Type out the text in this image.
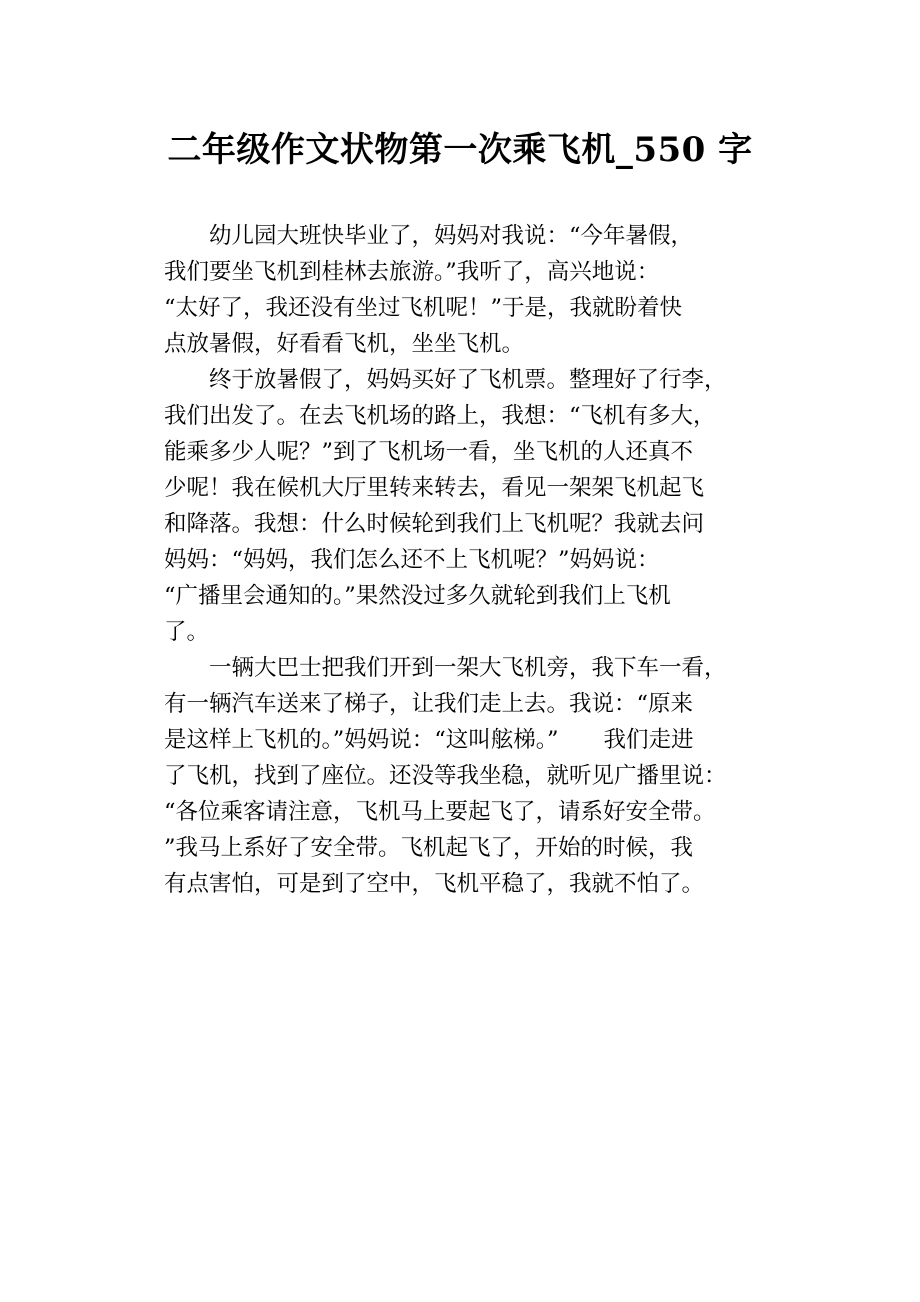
二年级作文状物第一次乘飞机_550 字
　　幼儿园大班快毕业了，妈妈对我说：“今年暑假，
我们要坐飞机到桂林去旅游。”我听了，高兴地说：
“太好了，我还没有坐过飞机呢！”于是，我就盼着快
点放暑假，好看看飞机，坐坐飞机。
　　终于放暑假了，妈妈买好了飞机票。整理好了行李，
我们出发了。在去飞机场的路上，我想：“飞机有多大，
能乘多少人呢？”到了飞机场一看，坐飞机的人还真不
少呢！我在候机大厅里转来转去，看见一架架飞机起飞
和降落。我想：什么时候轮到我们上飞机呢？我就去问
妈妈：“妈妈，我们怎么还不上飞机呢？”妈妈说：
“广播里会通知的。”果然没过多久就轮到我们上飞机
了。
　　一辆大巴士把我们开到一架大飞机旁，我下车一看，
有一辆汽车送来了梯子，让我们走上去。我说：“原来
是这样上飞机的。”妈妈说：“这叫舷梯。”　　我们走进
了飞机，找到了座位。还没等我坐稳，就听见广播里说：
“各位乘客请注意，飞机马上要起飞了，请系好安全带。
”我马上系好了安全带。飞机起飞了，开始的时候，我
有点害怕，可是到了空中，飞机平稳了，我就不怕了。
